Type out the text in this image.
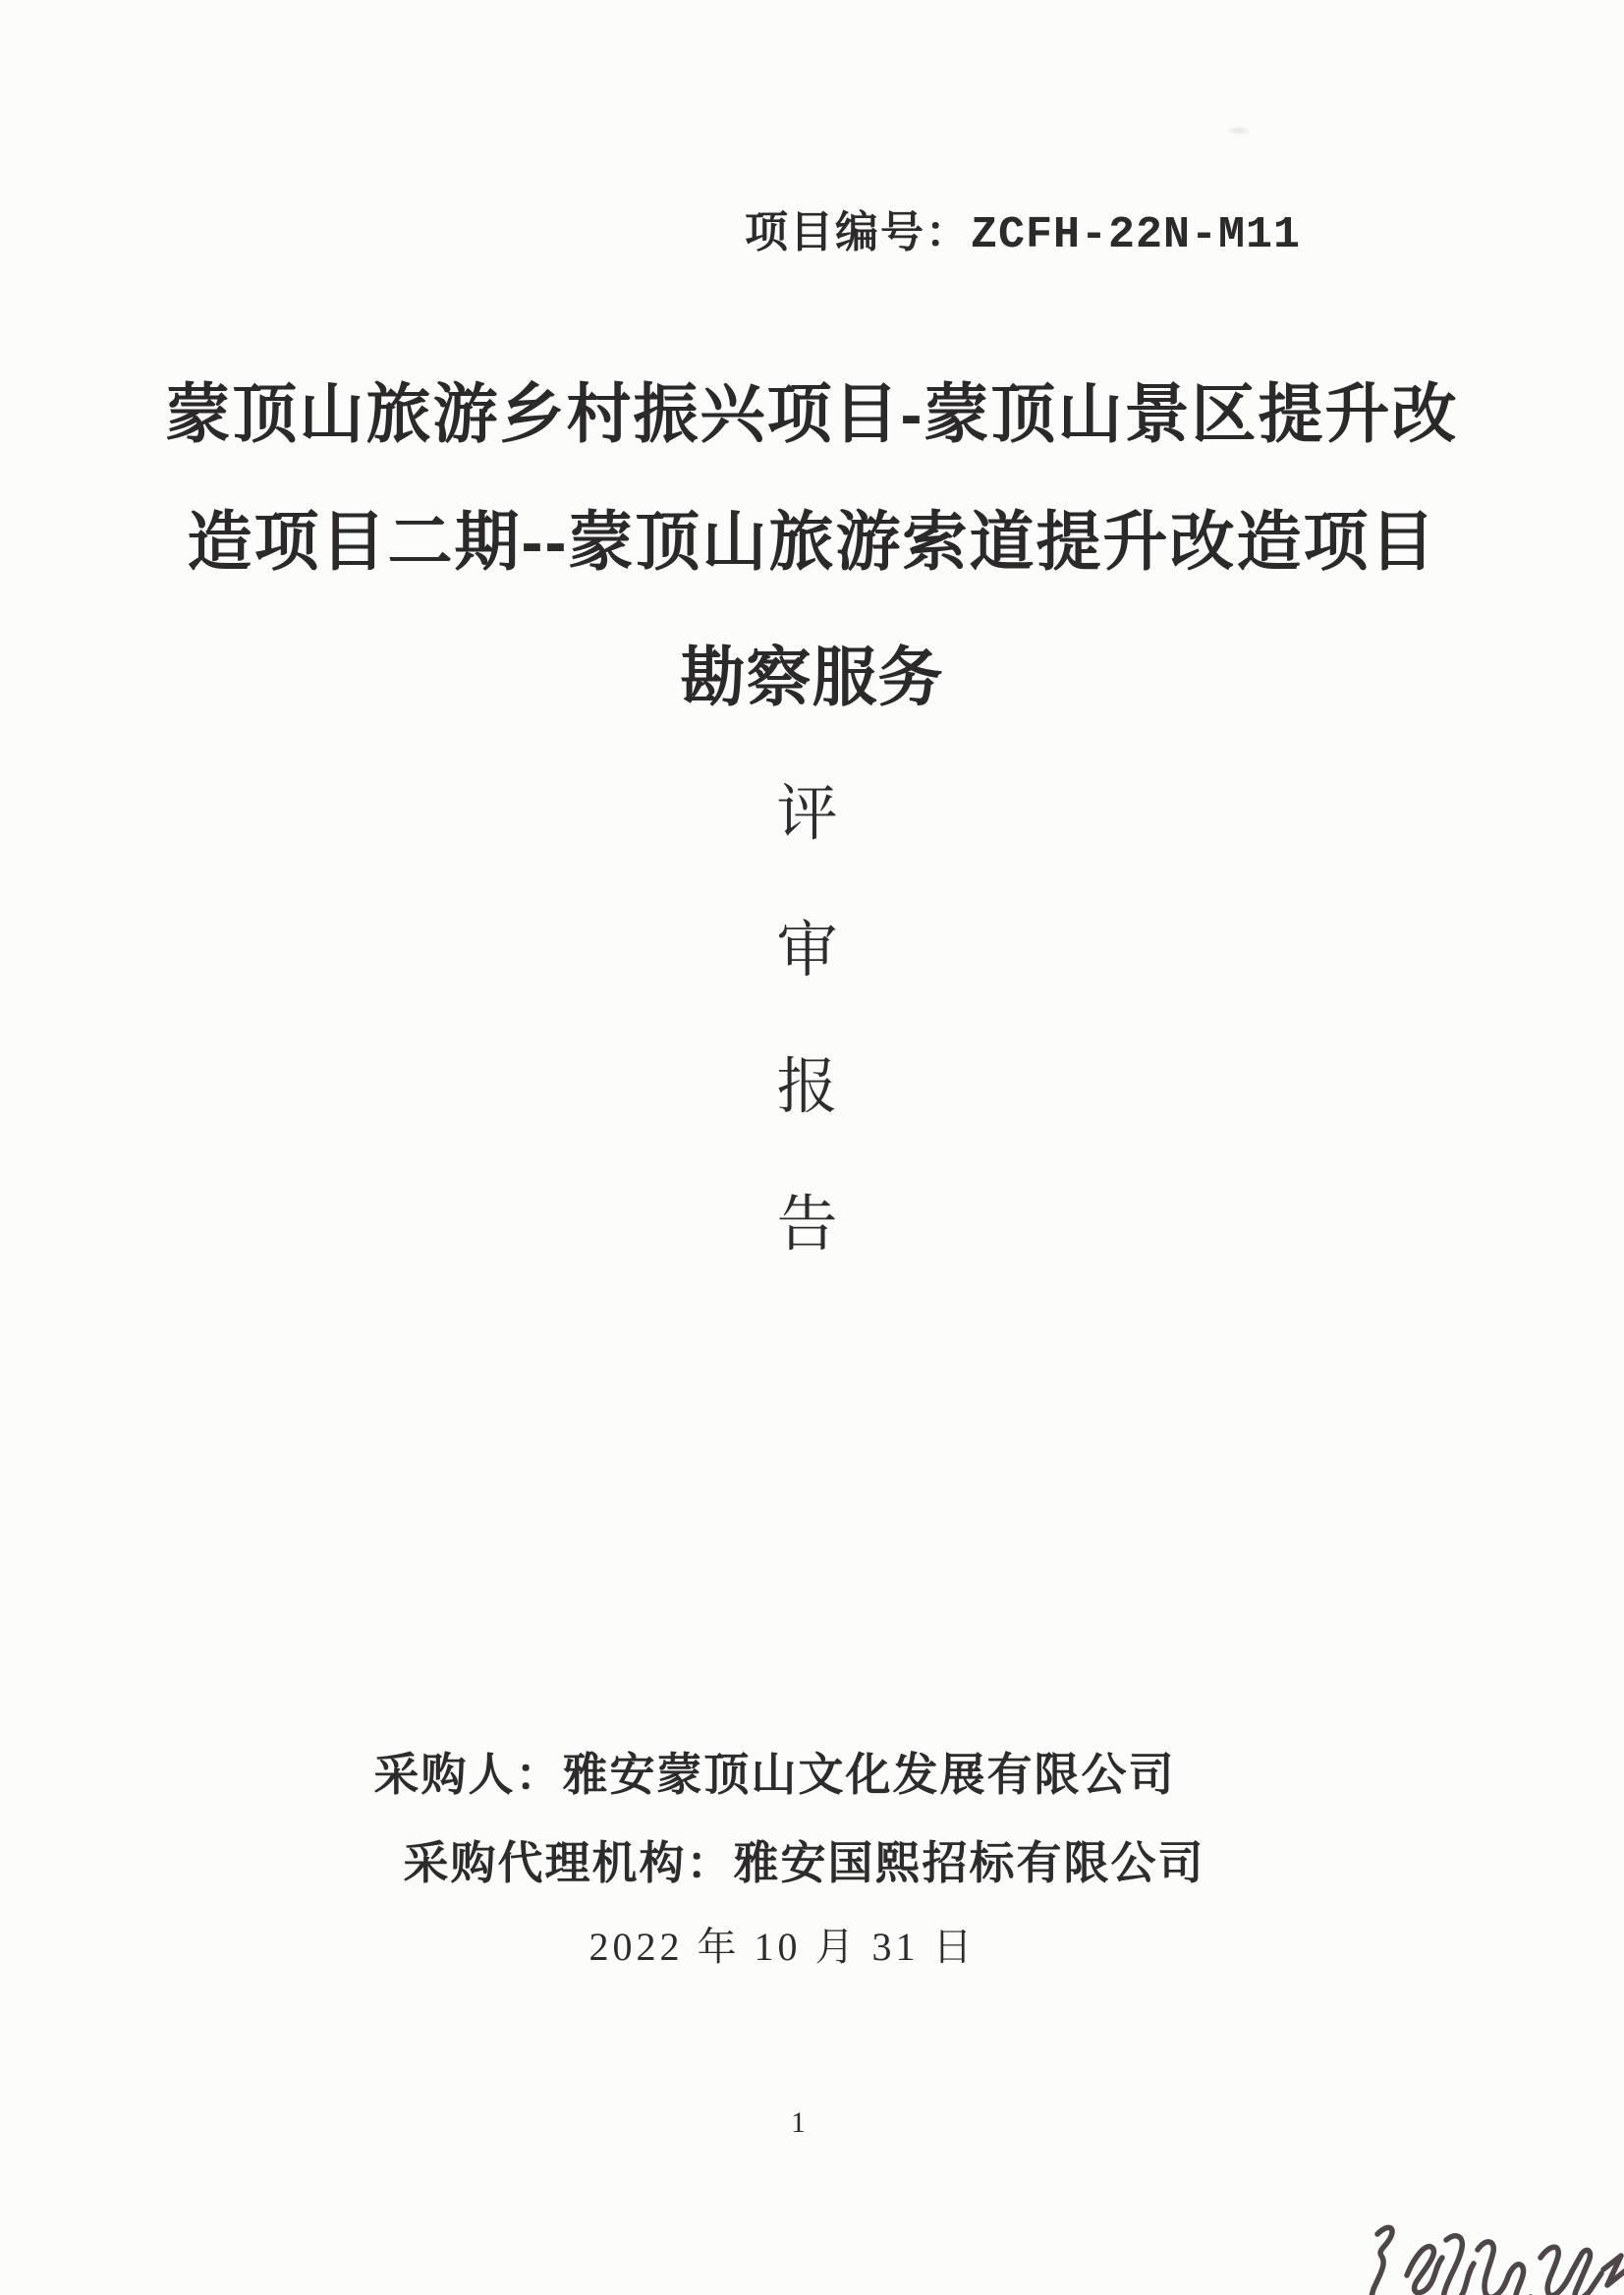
项目编号： ZCFH-22N-M11
蒙顶山旅游乡村振兴项目-蒙顶山景区提升改
造项目二期--蒙顶山旅游索道提升改造项目
勘察服务
评
审
报
告
采购人：雅安蒙顶山文化发展有限公司
采购代理机构：雅安国熙招标有限公司
2022 年 10 月 31 日
1
